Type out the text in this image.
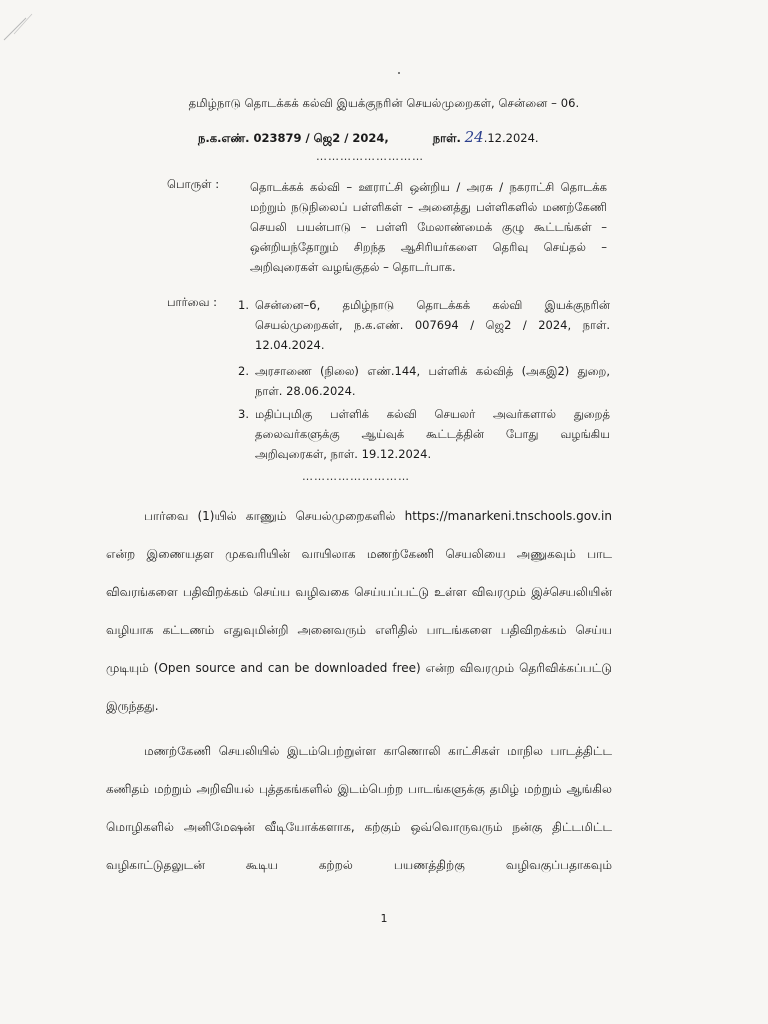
தமிழ்நாடு தொடக்கக் கல்வி இயக்குநரின் செயல்முறைகள், சென்னை – 06.
ந.க.எண். 023879 / ஜெ2 / 2024,	நாள். 24.12.2024.
………………………
பொருள் :	தொடக்கக் கல்வி – ஊராட்சி ஒன்றிய / அரசு / நகராட்சி தொடக்க மற்றும் நடுநிலைப் பள்ளிகள் – அனைத்து பள்ளிகளில் மணற்கேணி செயலி பயன்பாடு – பள்ளி மேலாண்மைக் குழு கூட்டங்கள் – ஒன்றியந்தோறும் சிறந்த ஆசிரியர்களை தெரிவு செய்தல் – அறிவுரைகள் வழங்குதல் – தொடர்பாக.
பார்வை : 1. சென்னை–6, தமிழ்நாடு தொடக்கக் கல்வி இயக்குநரின் செயல்முறைகள், ந.க.எண். 007694 / ஜெ2 / 2024, நாள். 12.04.2024.
2. அரசாணை (நிலை) எண்.144, பள்ளிக் கல்வித் (அகஇ2) துறை, நாள். 28.06.2024.
3. மதிப்புமிகு பள்ளிக் கல்வி செயலர் அவர்களால் துறைத் தலைவர்களுக்கு ஆய்வுக் கூட்டத்தின் போது வழங்கிய அறிவுரைகள், நாள். 19.12.2024.
………………………
பார்வை (1)யில் காணும் செயல்முறைகளில் https://manarkeni.tnschools.gov.in என்ற இணையதள முகவரியின் வாயிலாக மணற்கேணி செயலியை அணுகவும் பாட விவரங்களை பதிவிறக்கம் செய்ய வழிவகை செய்யப்பட்டு உள்ள விவரமும் இச்செயலியின் வழியாக கட்டணம் எதுவுமின்றி அனைவரும் எளிதில் பாடங்களை பதிவிறக்கம் செய்ய முடியும் (Open source and can be downloaded free) என்ற விவரமும் தெரிவிக்கப்பட்டு இருந்தது.
மணற்கேணி செயலியில் இடம்பெற்றுள்ள காணொலி காட்சிகள் மாநில பாடத்திட்ட கணிதம் மற்றும் அறிவியல் புத்தகங்களில் இடம்பெற்ற பாடங்களுக்கு தமிழ் மற்றும் ஆங்கில மொழிகளில் அனிமேஷன் வீடியோக்களாக, கற்கும் ஒவ்வொருவரும் நன்கு திட்டமிட்ட வழிகாட்டுதலுடன் கூடிய கற்றல் பயணத்திற்கு வழிவகுப்பதாகவும்
1
